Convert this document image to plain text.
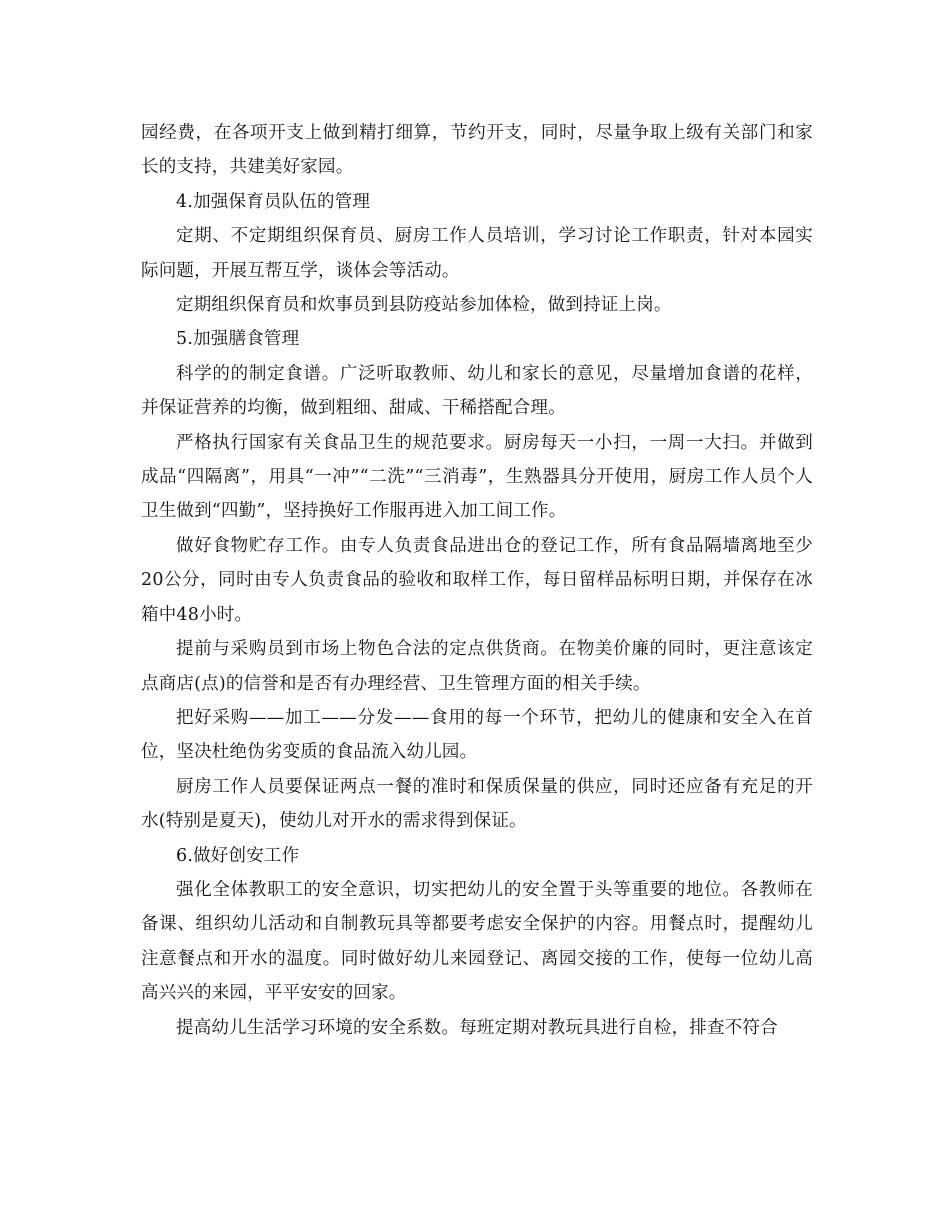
园经费，在各项开支上做到精打细算，节约开支，同时，尽量争取上级有关部门和家长的支持，共建美好家园。

4.加强保育员队伍的管理

定期、不定期组织保育员、厨房工作人员培训，学习讨论工作职责，针对本园实际问题，开展互帮互学，谈体会等活动。

定期组织保育员和炊事员到县防疫站参加体检，做到持证上岗。

5.加强膳食管理

科学的的制定食谱。广泛听取教师、幼儿和家长的意见，尽量增加食谱的花样，并保证营养的均衡，做到粗细、甜咸、干稀搭配合理。

严格执行国家有关食品卫生的规范要求。厨房每天一小扫，一周一大扫。并做到成品“四隔离”，用具“一冲”“二洗”“三消毒”，生熟器具分开使用，厨房工作人员个人卫生做到“四勤”，坚持换好工作服再进入加工间工作。

做好食物贮存工作。由专人负责食品进出仓的登记工作，所有食品隔墙离地至少20公分，同时由专人负责食品的验收和取样工作，每日留样品标明日期，并保存在冰箱中48小时。

提前与采购员到市场上物色合法的定点供货商。在物美价廉的同时，更注意该定点商店(点)的信誉和是否有办理经营、卫生管理方面的相关手续。

把好采购——加工——分发——食用的每一个环节，把幼儿的健康和安全入在首位，坚决杜绝伪劣变质的食品流入幼儿园。

厨房工作人员要保证两点一餐的准时和保质保量的供应，同时还应备有充足的开水(特别是夏天)，使幼儿对开水的需求得到保证。

6.做好创安工作

强化全体教职工的安全意识，切实把幼儿的安全置于头等重要的地位。各教师在备课、组织幼儿活动和自制教玩具等都要考虑安全保护的内容。用餐点时，提醒幼儿注意餐点和开水的温度。同时做好幼儿来园登记、离园交接的工作，使每一位幼儿高高兴兴的来园，平平安安的回家。

提高幼儿生活学习环境的安全系数。每班定期对教玩具进行自检，排查不符合
